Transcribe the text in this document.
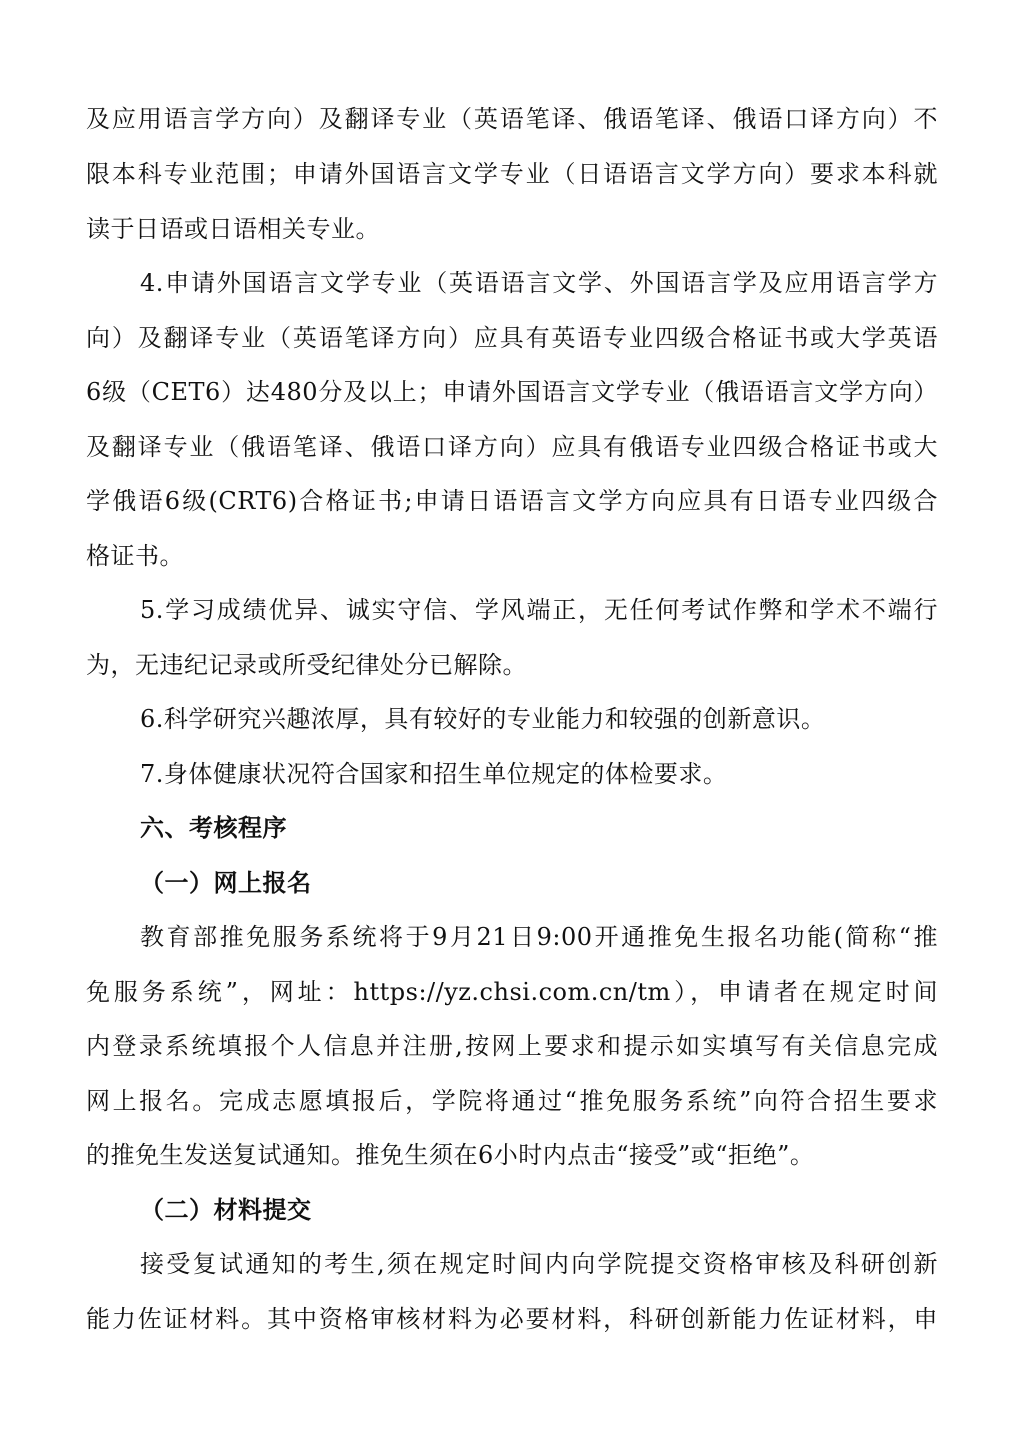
及应用语言学方向）及翻译专业（英语笔译、俄语笔译、俄语口译方向）不
限本科专业范围；申请外国语言文学专业（日语语言文学方向）要求本科就
读于日语或日语相关专业。
4.申请外国语言文学专业（英语语言文学、外国语言学及应用语言学方
向）及翻译专业（英语笔译方向）应具有英语专业四级合格证书或大学英语
6级（CET6）达480分及以上；申请外国语言文学专业（俄语语言文学方向）
及翻译专业（俄语笔译、俄语口译方向）应具有俄语专业四级合格证书或大
学俄语6级(CRT6)合格证书;申请日语语言文学方向应具有日语专业四级合
格证书。
5.学习成绩优异、诚实守信、学风端正，无任何考试作弊和学术不端行
为，无违纪记录或所受纪律处分已解除。
6.科学研究兴趣浓厚，具有较好的专业能力和较强的创新意识。
7.身体健康状况符合国家和招生单位规定的体检要求。
六、考核程序
（一）网上报名
教育部推免服务系统将于9月21日9:00开通推免生报名功能(简称“推
免服务系统”，网址：https://yz.chsi.com.cn/tm），申请者在规定时间
内登录系统填报个人信息并注册,按网上要求和提示如实填写有关信息完成
网上报名。完成志愿填报后，学院将通过“推免服务系统”向符合招生要求
的推免生发送复试通知。推免生须在6小时内点击“接受”或“拒绝”。
（二）材料提交
接受复试通知的考生,须在规定时间内向学院提交资格审核及科研创新
能力佐证材料。其中资格审核材料为必要材料，科研创新能力佐证材料，申
